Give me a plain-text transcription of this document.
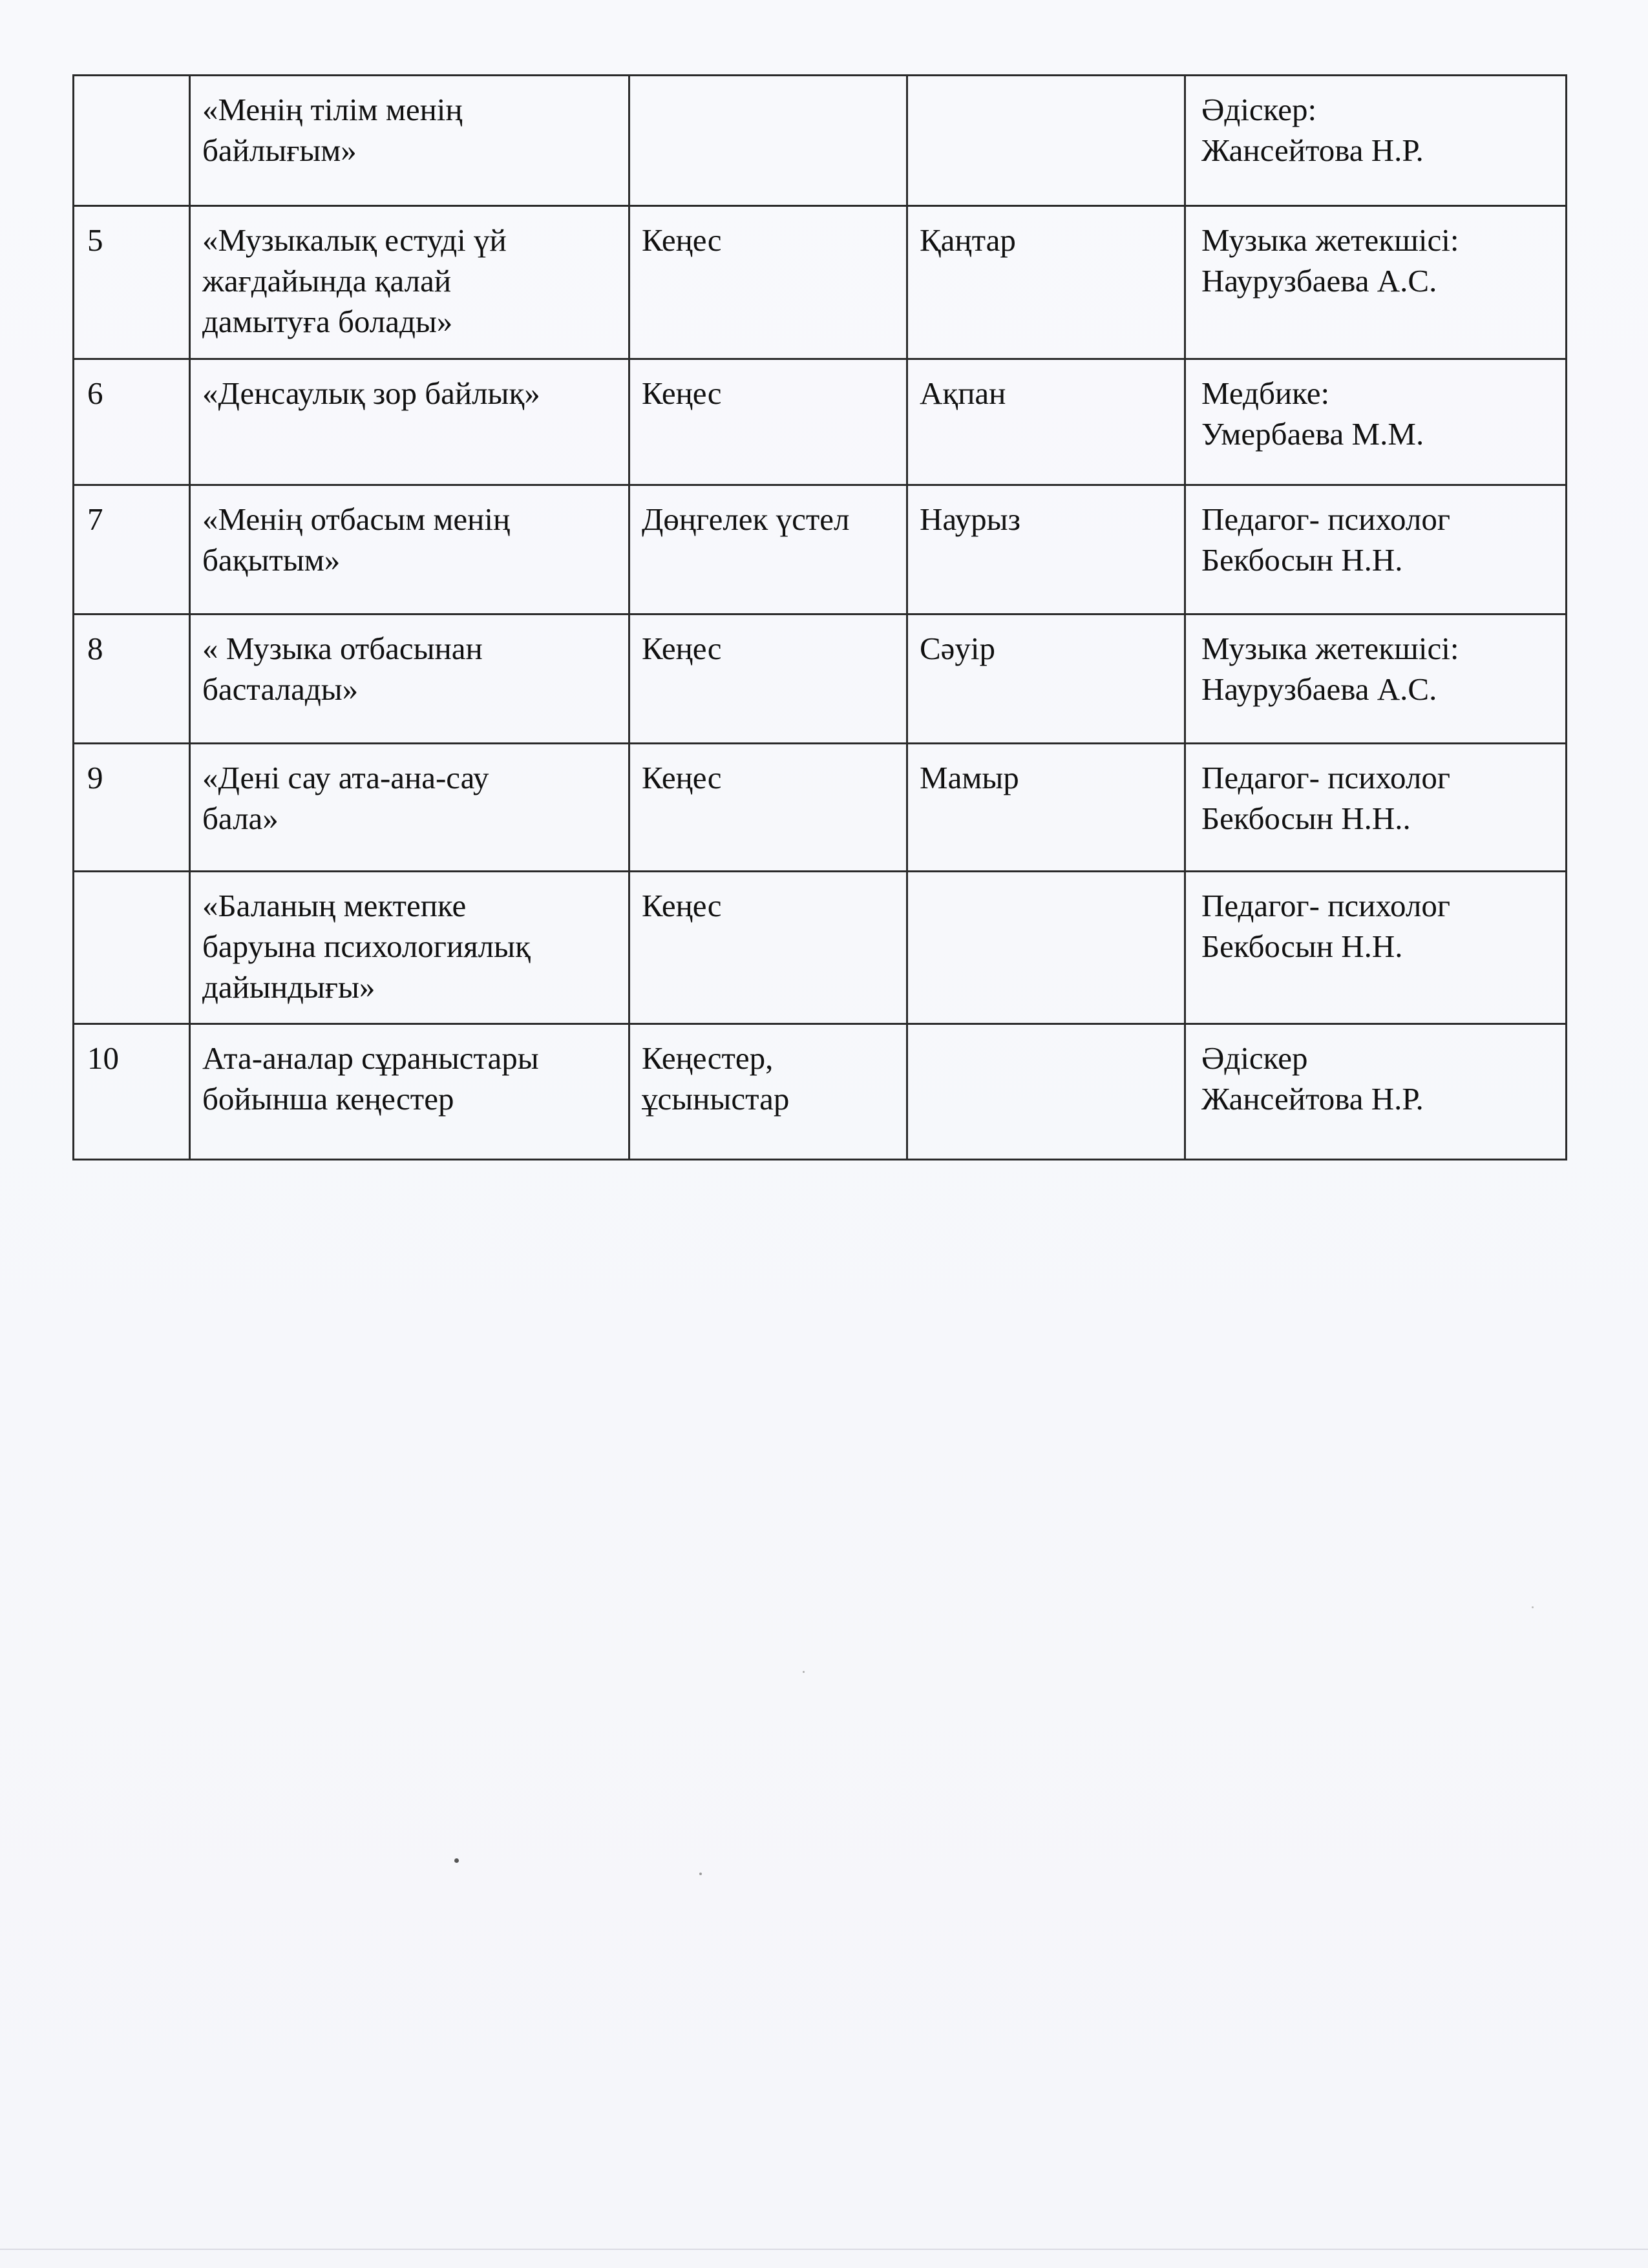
	«Менің тілім менің
байлығым»			Әдіскер:
Жансейтова Н.Р.
5	«Музыкалық естуді үй
жағдайында қалай
дамытуға болады»	Кеңес	Қаңтар	Музыка жетекшісі:
Наурузбаева А.С.
6	«Денсаулық зор байлық»	Кеңес	Ақпан	Медбике:
Умербаева М.М.
7	«Менің отбасым менің
бақытым»	Дөңгелек үстел	Наурыз	Педагог- психолог
Бекбосын Н.Н.
8	« Музыка отбасынан
басталады»	Кеңес	Сәуір	Музыка жетекшісі:
Наурузбаева А.С.
9	«Дені сау ата-ана-сау
бала»	Кеңес	Мамыр	Педагог- психолог
Бекбосын Н.Н..
	«Баланың мектепке
баруына психологиялық
дайындығы»	Кеңес		Педагог- психолог
Бекбосын Н.Н.
10	Ата-аналар сұраныстары
бойынша кеңестер	Кеңестер,
ұсыныстар		Әдіскер
Жансейтова Н.Р.
